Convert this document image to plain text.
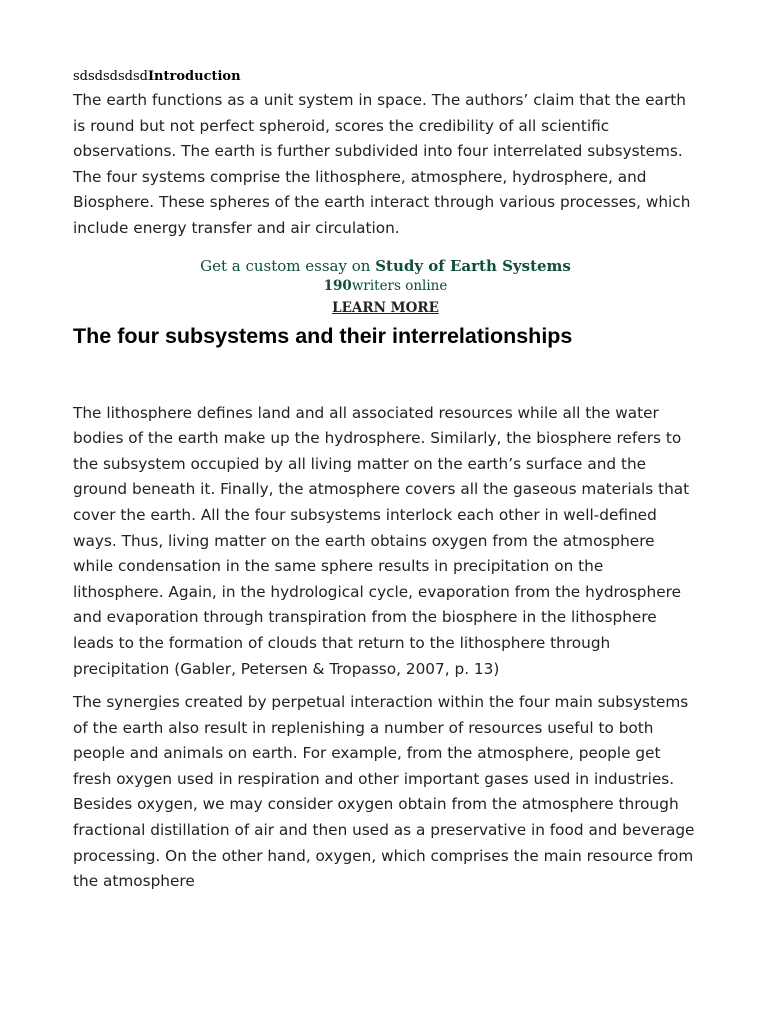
sdsdsdsdsdIntroduction

The earth functions as a unit system in space. The authors’ claim that the earth is round but not perfect spheroid, scores the credibility of all scientific observations. The earth is further subdivided into four interrelated subsystems. The four systems comprise the lithosphere, atmosphere, hydrosphere, and Biosphere. These spheres of the earth interact through various processes, which include energy transfer and air circulation.

Get a custom essay on Study of Earth Systems
190writers online
LEARN MORE
The four subsystems and their interrelationships

The lithosphere defines land and all associated resources while all the water bodies of the earth make up the hydrosphere. Similarly, the biosphere refers to the subsystem occupied by all living matter on the earth’s surface and the ground beneath it. Finally, the atmosphere covers all the gaseous materials that cover the earth. All the four subsystems interlock each other in well-defined ways. Thus, living matter on the earth obtains oxygen from the atmosphere while condensation in the same sphere results in precipitation on the lithosphere. Again, in the hydrological cycle, evaporation from the hydrosphere and evaporation through transpiration from the biosphere in the lithosphere leads to the formation of clouds that return to the lithosphere through precipitation (Gabler, Petersen & Tropasso, 2007, p. 13)

The synergies created by perpetual interaction within the four main subsystems of the earth also result in replenishing a number of resources useful to both people and animals on earth. For example, from the atmosphere, people get fresh oxygen used in respiration and other important gases used in industries. Besides oxygen, we may consider oxygen obtain from the atmosphere through fractional distillation of air and then used as a preservative in food and beverage processing. On the other hand, oxygen, which comprises the main resource from the atmosphere
